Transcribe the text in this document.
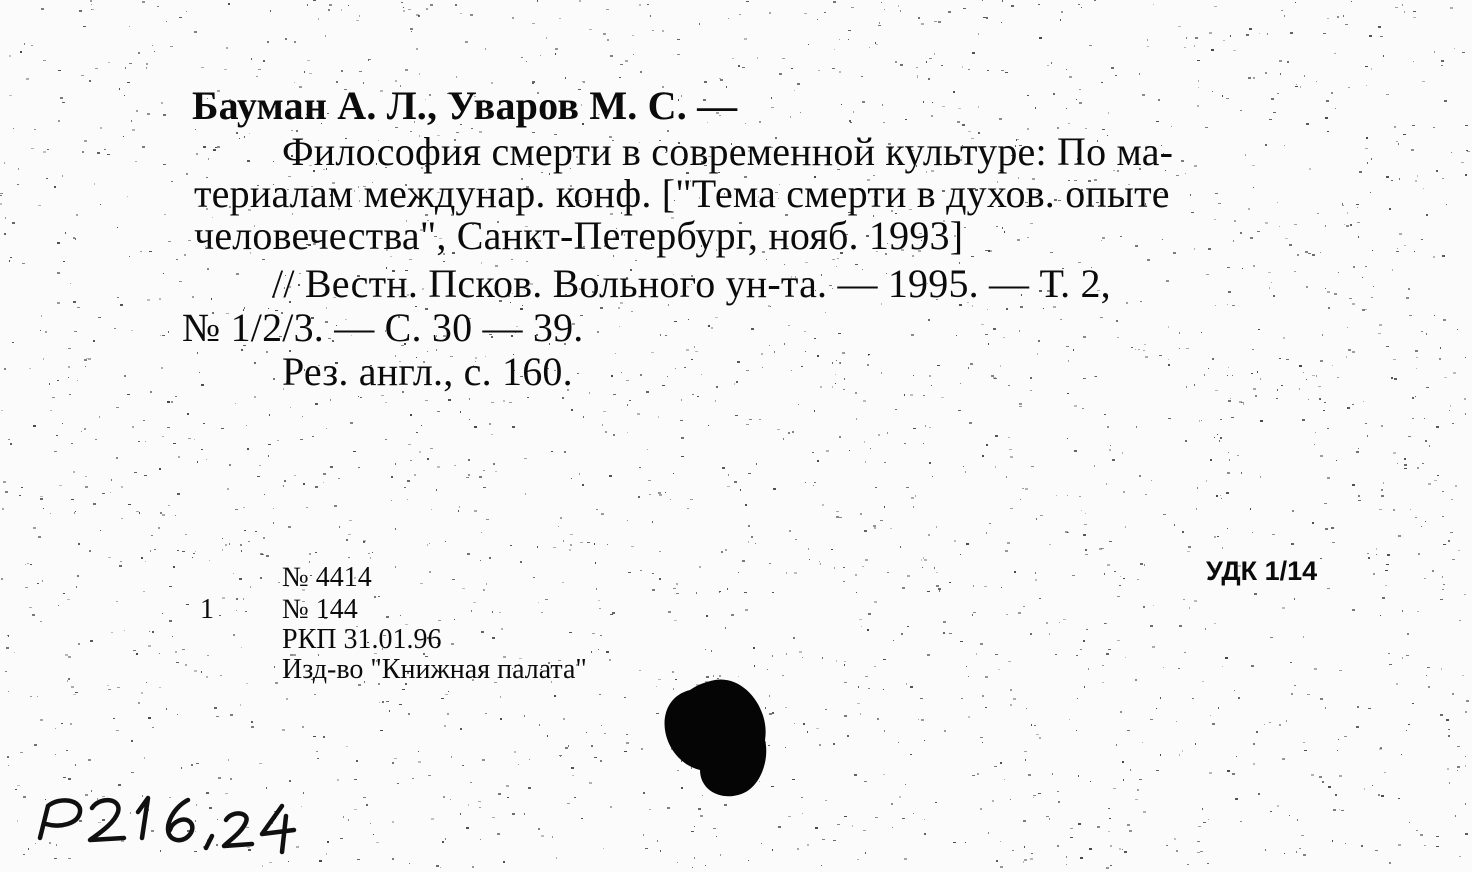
Бауман А. Л., Уваров М. С. —
Философия смерти в современной культуре: По ма-
териалам междунар. конф. ["Тема смерти в духов. опыте
человечества", Санкт-Петербург, нояб. 1993]
// Вестн. Псков. Вольного ун-та. — 1995. — Т. 2,
№ 1/2/3. — С. 30 — 39.
Рез. англ., с. 160.
№ 4414
1 № 144
РКП 31.01.96
Изд-во "Книжная палата"
УДК 1/14
